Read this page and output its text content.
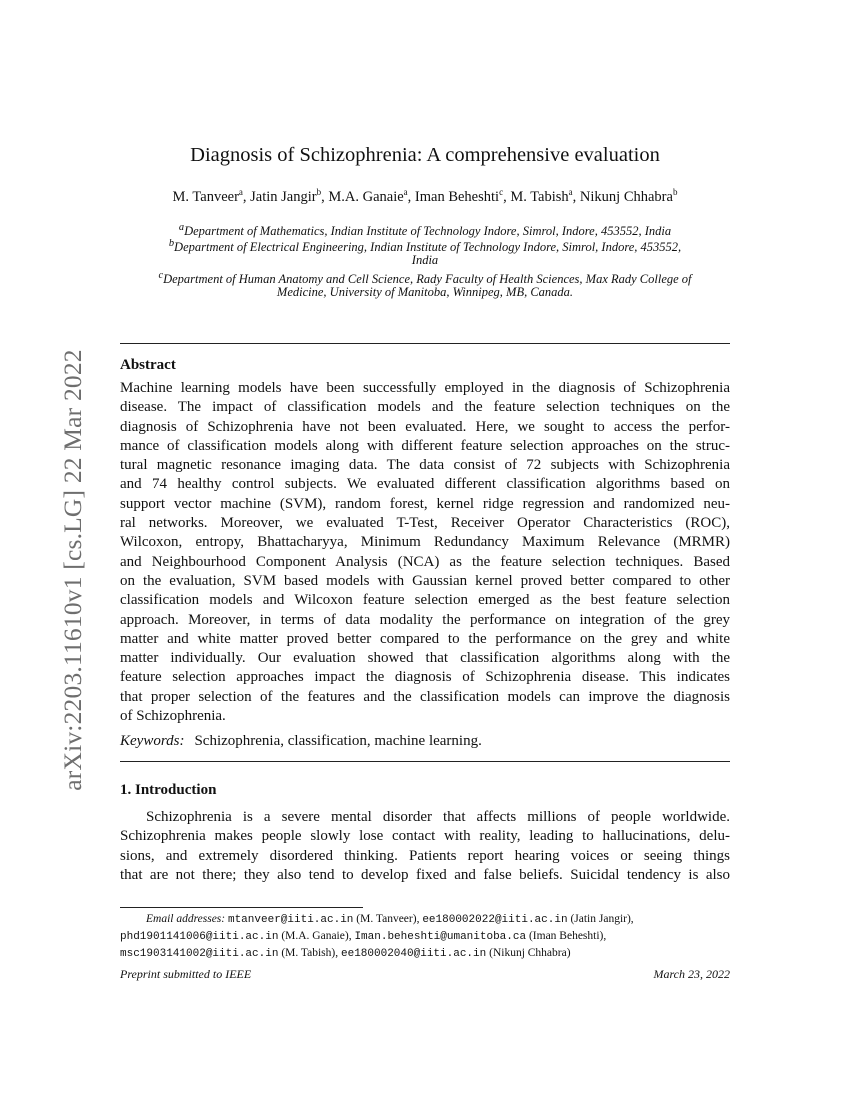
arXiv:2203.11610v1 [cs.LG] 22 Mar 2022
Diagnosis of Schizophrenia: A comprehensive evaluation
M. Tanveer$^a$, Jatin Jangir$^b$, M.A. Ganaie$^a$, Iman Beheshti$^c$, M. Tabish$^a$, Nikunj Chhabra$^b$
$^a$Department of Mathematics, Indian Institute of Technology Indore, Simrol, Indore, 453552, India
$^b$Department of Electrical Engineering, Indian Institute of Technology Indore, Simrol, Indore, 453552,
India
$^c$Department of Human Anatomy and Cell Science, Rady Faculty of Health Sciences, Max Rady College of
Medicine, University of Manitoba, Winnipeg, MB, Canada.
Abstract
Machine learning models have been successfully employed in the diagnosis of Schizophrenia
disease. The impact of classification models and the feature selection techniques on the
diagnosis of Schizophrenia have not been evaluated. Here, we sought to access the perfor-
mance of classification models along with different feature selection approaches on the struc-
tural magnetic resonance imaging data. The data consist of 72 subjects with Schizophrenia
and 74 healthy control subjects. We evaluated different classification algorithms based on
support vector machine (SVM), random forest, kernel ridge regression and randomized neu-
ral networks. Moreover, we evaluated T-Test, Receiver Operator Characteristics (ROC),
Wilcoxon, entropy, Bhattacharyya, Minimum Redundancy Maximum Relevance (MRMR)
and Neighbourhood Component Analysis (NCA) as the feature selection techniques. Based
on the evaluation, SVM based models with Gaussian kernel proved better compared to other
classification models and Wilcoxon feature selection emerged as the best feature selection
approach. Moreover, in terms of data modality the performance on integration of the grey
matter and white matter proved better compared to the performance on the grey and white
matter individually. Our evaluation showed that classification algorithms along with the
feature selection approaches impact the diagnosis of Schizophrenia disease. This indicates
that proper selection of the features and the classification models can improve the diagnosis
of Schizophrenia.
Keywords: Schizophrenia, classification, machine learning.
1. Introduction
Schizophrenia is a severe mental disorder that affects millions of people worldwide.
Schizophrenia makes people slowly lose contact with reality, leading to hallucinations, delu-
sions, and extremely disordered thinking. Patients report hearing voices or seeing things
that are not there; they also tend to develop fixed and false beliefs. Suicidal tendency is also
Email addresses: mtanveer@iiti.ac.in (M. Tanveer), ee180002022@iiti.ac.in (Jatin Jangir),
phd1901141006@iiti.ac.in (M.A. Ganaie), Iman.beheshti@umanitoba.ca (Iman Beheshti),
msc1903141002@iiti.ac.in (M. Tabish), ee180002040@iiti.ac.in (Nikunj Chhabra)
Preprint submitted to IEEE	March 23, 2022
